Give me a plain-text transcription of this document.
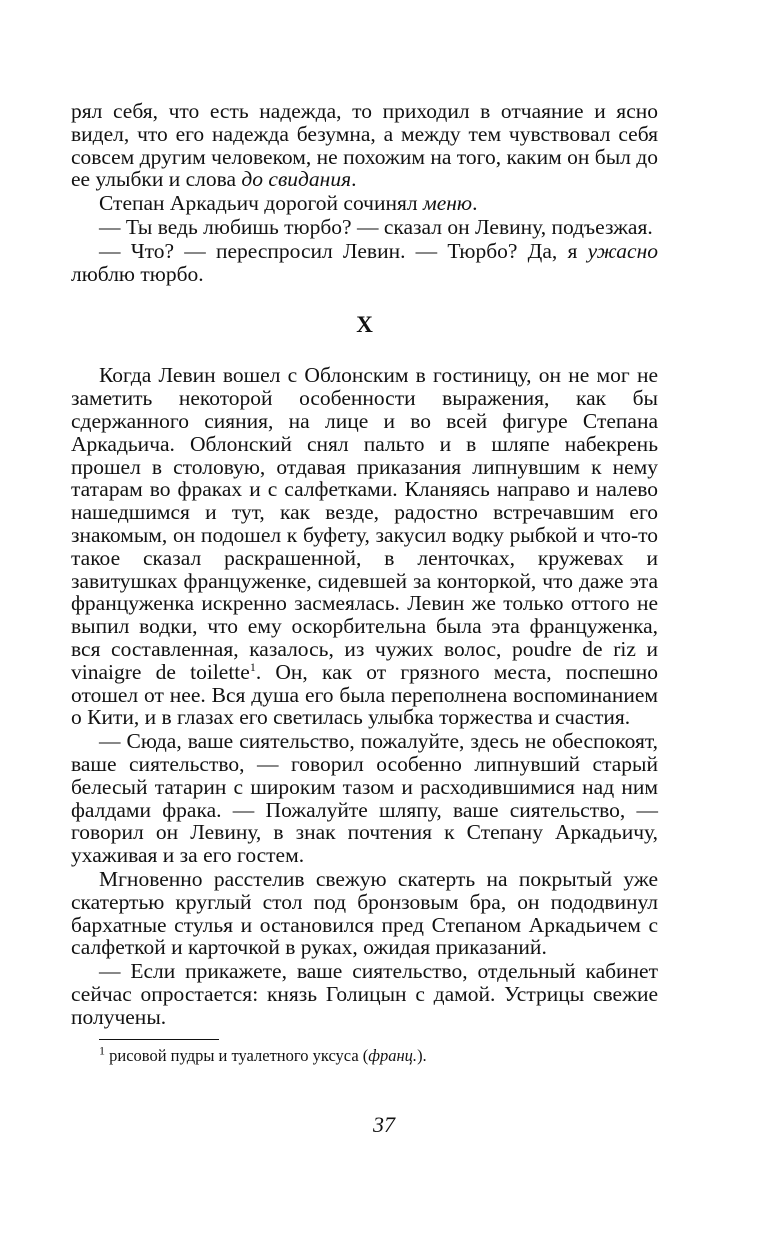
рял себя, что есть надежда, то приходил в отчаяние и ясно видел, что его надежда безумна, а между тем чувствовал себя совсем другим человеком, не похожим на того, каким он был до ее улыбки и слова до свидания.

Степан Аркадьич дорогой сочинял меню.

— Ты ведь любишь тюрбо? — сказал он Левину, подъезжая.

— Что? — переспросил Левин. — Тюрбо? Да, я ужасно люблю тюрбо.

X

Когда Левин вошел с Облонским в гостиницу, он не мог не заметить некоторой особенности выражения, как бы сдержанного сияния, на лице и во всей фигуре Степана Аркадьича. Облонский снял пальто и в шляпе набекрень прошел в столовую, отдавая приказания липнувшим к нему татарам во фраках и с салфетками. Кланяясь направо и налево нашедшимся и тут, как везде, радостно встречавшим его знакомым, он подошел к буфету, закусил водку рыбкой и что-то такое сказал раскрашенной, в ленточках, кружевах и завитушках француженке, сидевшей за конторкой, что даже эта француженка искренно засмеялась. Левин же только оттого не выпил водки, что ему оскорбительна была эта француженка, вся составленная, казалось, из чужих волос, poudre de riz и vinaigre de toilette$^1$. Он, как от грязного места, поспешно отошел от нее. Вся душа его была переполнена воспоминанием о Кити, и в глазах его светилась улыбка торжества и счастия.

— Сюда, ваше сиятельство, пожалуйте, здесь не обеспокоят, ваше сиятельство, — говорил особенно липнувший старый белесый татарин с широким тазом и расходившимися над ним фалдами фрака. — Пожалуйте шляпу, ваше сиятельство, — говорил он Левину, в знак почтения к Степану Аркадьичу, ухаживая и за его гостем.

Мгновенно расстелив свежую скатерть на покрытый уже скатертью круглый стол под бронзовым бра, он пододвинул бархатные стулья и остановился пред Степаном Аркадьичем с салфеткой и карточкой в руках, ожидая приказаний.

— Если прикажете, ваше сиятельство, отдельный кабинет сейчас опростается: князь Голицын с дамой. Устрицы свежие получены.

$^1$ рисовой пудры и туалетного уксуса (франц.).
37
